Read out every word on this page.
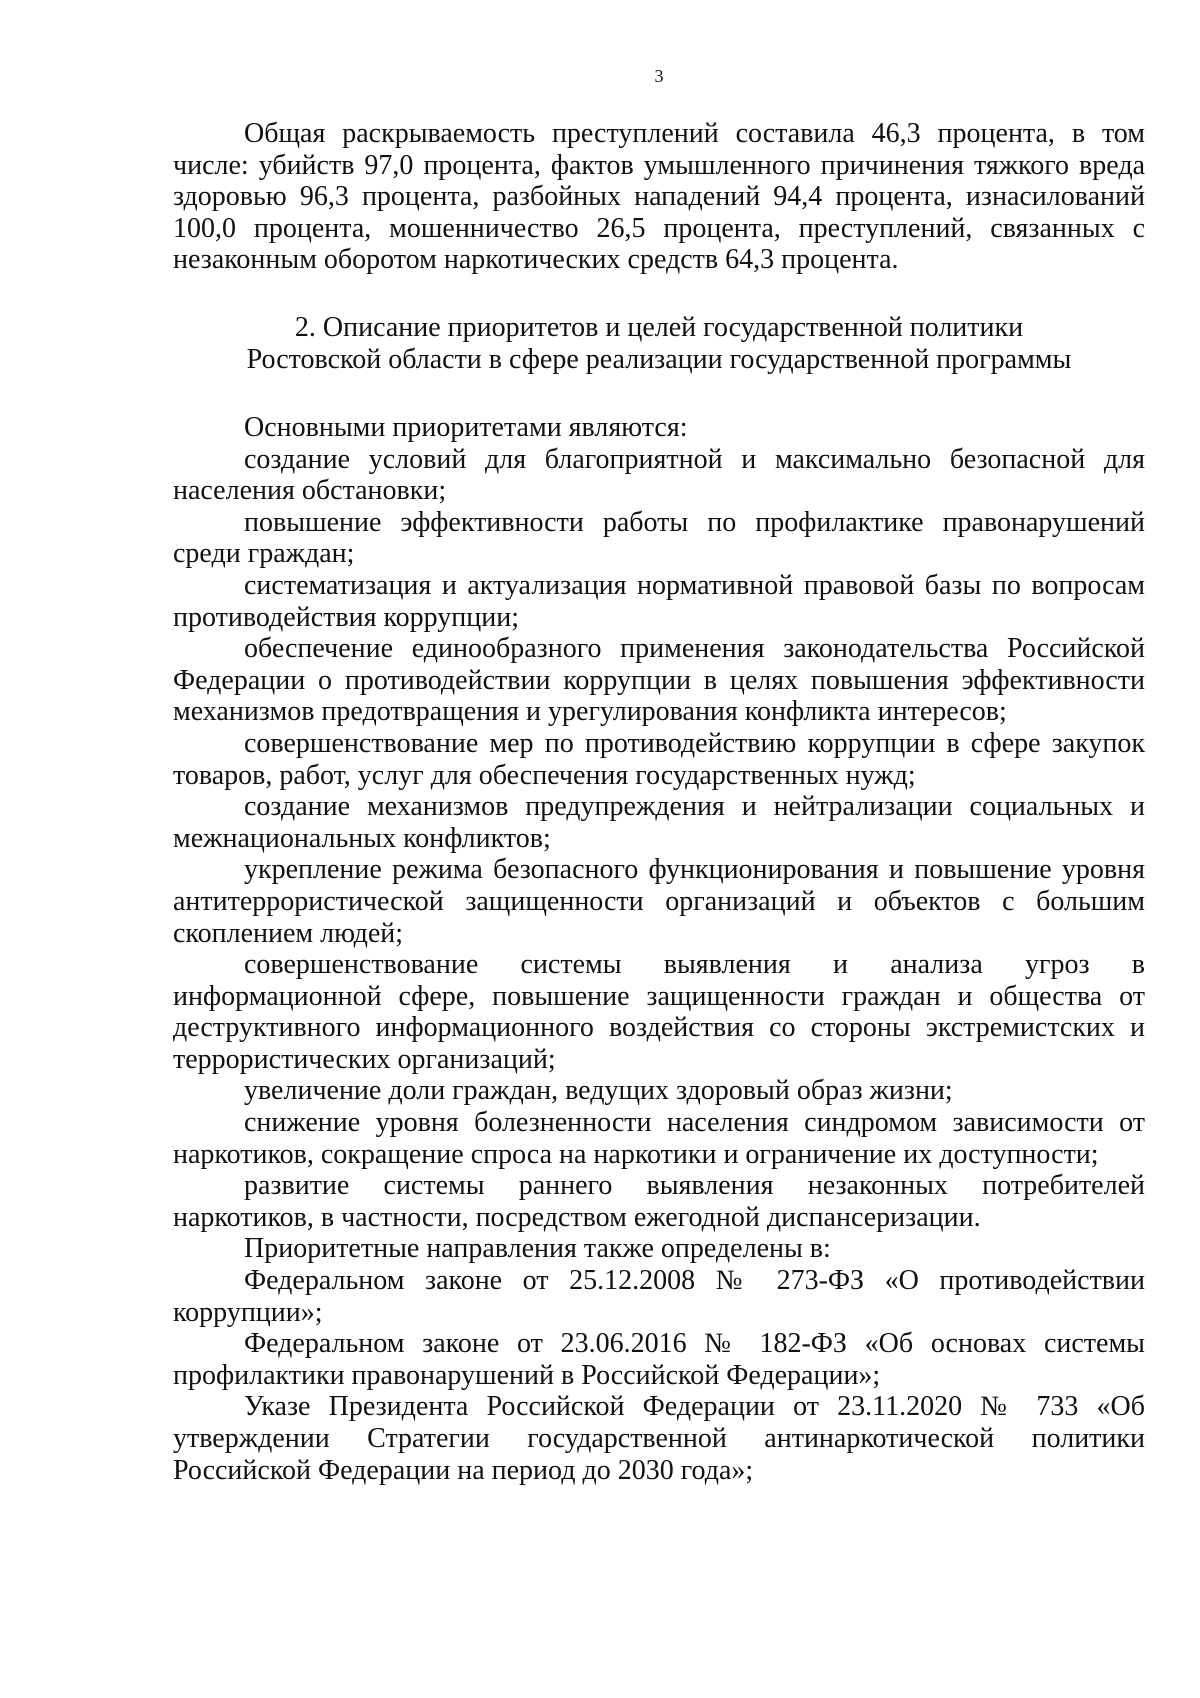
3

Общая раскрываемость преступлений составила 46,3 процента, в том числе: убийств 97,0 процента, фактов умышленного причинения тяжкого вреда здоровью 96,3 процента, разбойных нападений 94,4 процента, изнасилований 100,0 процента, мошенничество 26,5 процента, преступлений, связанных с незаконным оборотом наркотических средств 64,3 процента.

2. Описание приоритетов и целей государственной политики

Ростовской области в сфере реализации государственной программы

Основными приоритетами являются:

создание условий для благоприятной и максимально безопасной для населения обстановки;

повышение эффективности работы по профилактике правонарушений среди граждан;

систематизация и актуализация нормативной правовой базы по вопросам противодействия коррупции;

обеспечение единообразного применения законодательства Российской Федерации о противодействии коррупции в целях повышения эффективности механизмов предотвращения и урегулирования конфликта интересов;

совершенствование мер по противодействию коррупции в сфере закупок товаров, работ, услуг для обеспечения государственных нужд;

создание механизмов предупреждения и нейтрализации социальных и межнациональных конфликтов;

укрепление режима безопасного функционирования и повышение уровня антитеррористической защищенности организаций и объектов с большим скоплением людей;

совершенствование системы выявления и анализа угроз в информационной сфере, повышение защищенности граждан и общества от деструктивного информационного воздействия со стороны экстремистских и террористических организаций;

увеличение доли граждан, ведущих здоровый образ жизни;

снижение уровня болезненности населения синдромом зависимости от наркотиков, сокращение спроса на наркотики и ограничение их доступности;

развитие системы раннего выявления незаконных потребителей наркотиков, в частности, посредством ежегодной диспансеризации.

Приоритетные направления также определены в:

Федеральном законе от 25.12.2008 № 273-ФЗ «О противодействии коррупции»;

Федеральном законе от 23.06.2016 № 182-ФЗ «Об основах системы профилактики правонарушений в Российской Федерации»;

Указе Президента Российской Федерации от 23.11.2020 № 733 «Об утверждении Стратегии государственной антинаркотической политики Российской Федерации на период до 2030 года»;
